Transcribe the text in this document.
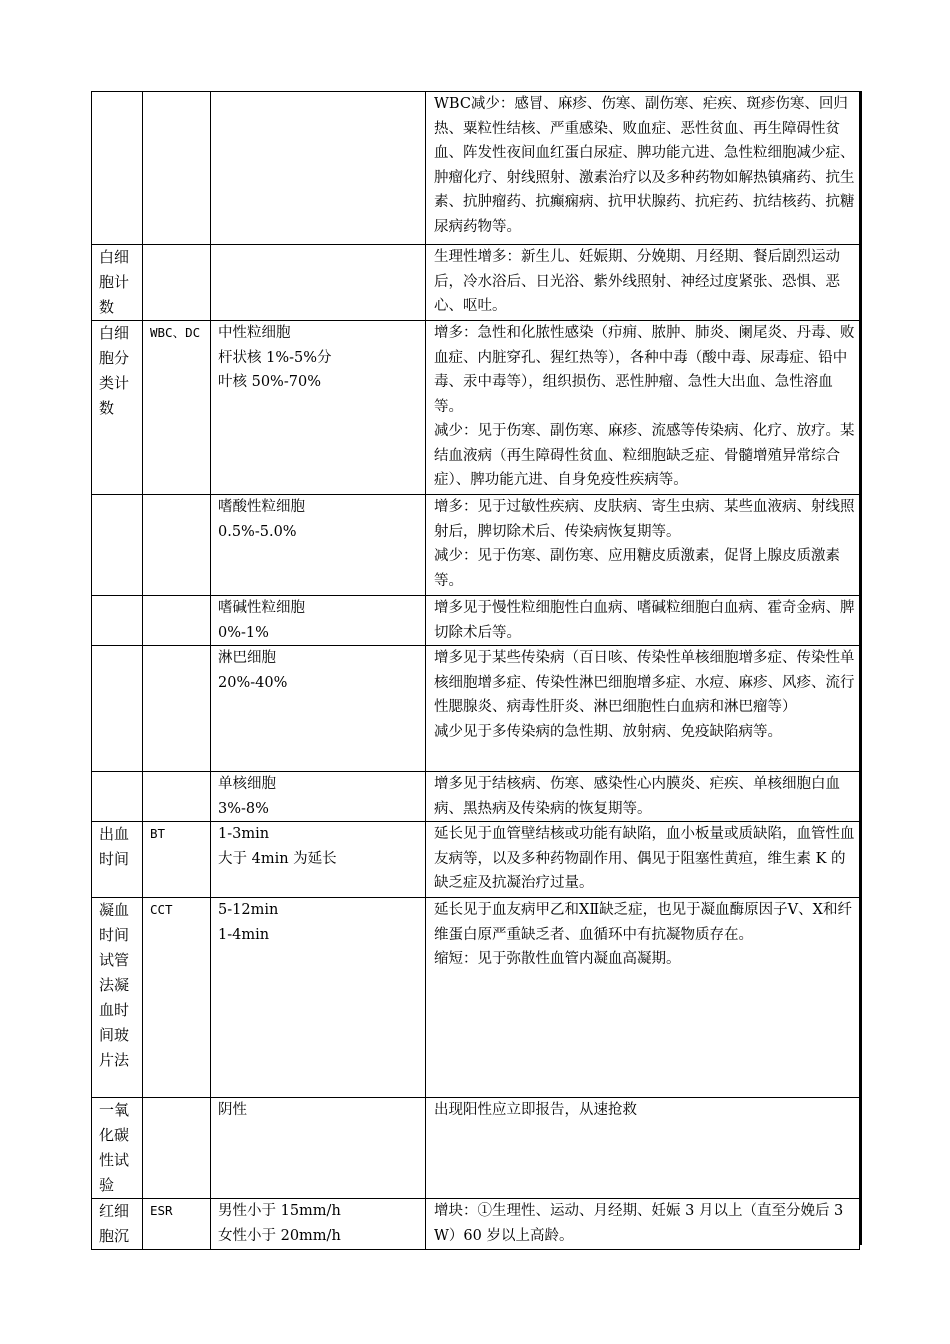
			WBC减少：感冒、麻疹、伤寒、副伤寒、疟疾、斑疹伤寒、回归热、粟粒性结核、严重感染、败血症、恶性贫血、再生障碍性贫血、阵发性夜间血红蛋白尿症、脾功能亢进、急性粒细胞减少症、肿瘤化疗、射线照射、激素治疗以及多种药物如解热镇痛药、抗生素、抗肿瘤药、抗癫痫病、抗甲状腺药、抗疟药、抗结核药、抗糖尿病药物等。

白细胞计数			生理性增多：新生儿、妊娠期、分娩期、月经期、餐后剧烈运动后，冷水浴后、日光浴、紫外线照射、神经过度紧张、恐惧、恶心、呕吐。

白细胞分类计数	WBC、DC	中性粒细胞
杆状核 1%-5%分
叶核 50%-70%	增多：急性和化脓性感染（疖痈、脓肿、肺炎、阑尾炎、丹毒、败血症、内脏穿孔、猩红热等），各种中毒（酸中毒、尿毒症、铅中毒、汞中毒等），组织损伤、恶性肿瘤、急性大出血、急性溶血等。
减少：见于伤寒、副伤寒、麻疹、流感等传染病、化疗、放疗。某结血液病（再生障碍性贫血、粒细胞缺乏症、骨髓增殖异常综合症）、脾功能亢进、自身免疫性疾病等。

		嗜酸性粒细胞
0.5%-5.0%	增多：见于过敏性疾病、皮肤病、寄生虫病、某些血液病、射线照射后，脾切除术后、传染病恢复期等。
减少：见于伤寒、副伤寒、应用糖皮质激素，促肾上腺皮质激素等。

		嗜碱性粒细胞
0%-1%	增多见于慢性粒细胞性白血病、嗜碱粒细胞白血病、霍奇金病、脾切除术后等。

		淋巴细胞
20%-40%	增多见于某些传染病（百日咳、传染性单核细胞增多症、传染性单核细胞增多症、传染性淋巴细胞增多症、水痘、麻疹、风疹、流行性腮腺炎、病毒性肝炎、淋巴细胞性白血病和淋巴瘤等）
减少见于多传染病的急性期、放射病、免疫缺陷病等。

		单核细胞
3%-8%	增多见于结核病、伤寒、感染性心内膜炎、疟疾、单核细胞白血病、黑热病及传染病的恢复期等。

出血时间	BT	1-3min
大于 4min 为延长	延长见于血管壁结核或功能有缺陷，血小板量或质缺陷，血管性血友病等，以及多种药物副作用、偶见于阻塞性黄疸，维生素 K 的缺乏症及抗凝治疗过量。

凝血时间试管法凝血时间玻片法	CCT	5-12min
1-4min	延长见于血友病甲乙和ⅩⅡ缺乏症，也见于凝血酶原因子Ⅴ、Ⅹ和纤维蛋白原严重缺乏者、血循环中有抗凝物质存在。
缩短：见于弥散性血管内凝血高凝期。

一氧化碳性试验		阴性	出现阳性应立即报告，从速抢救

红细胞沉	ESR	男性小于 15mm/h
女性小于 20mm/h	增块：①生理性、运动、月经期、妊娠 3 月以上（直至分娩后 3W）60 岁以上高龄。
